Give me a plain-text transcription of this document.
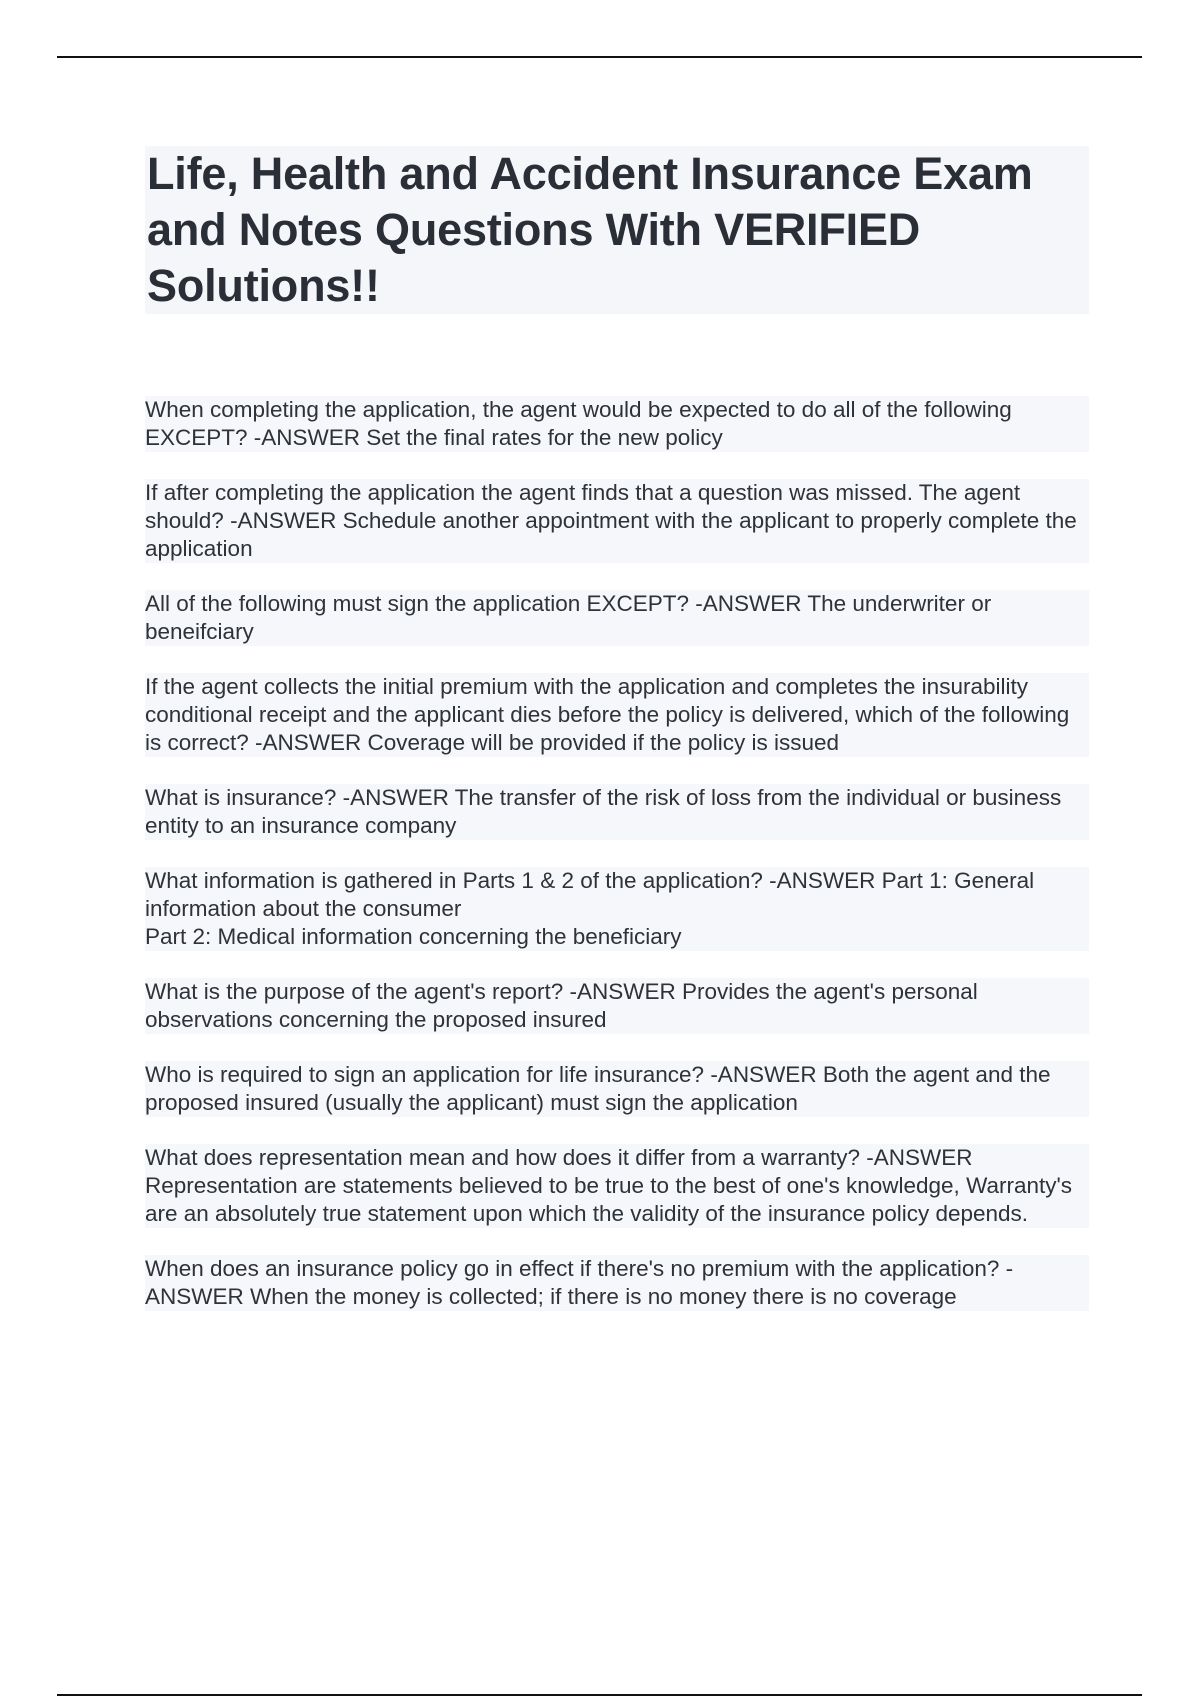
Life, Health and Accident Insurance Exam and Notes Questions With VERIFIED Solutions!!
When completing the application, the agent would be expected to do all of the following EXCEPT? -ANSWER Set the final rates for the new policy
If after completing the application the agent finds that a question was missed. The agent should? -ANSWER Schedule another appointment with the applicant to properly complete the application
All of the following must sign the application EXCEPT? -ANSWER The underwriter or beneifciary
If the agent collects the initial premium with the application and completes the insurability conditional receipt and the applicant dies before the policy is delivered, which of the following is correct? -ANSWER Coverage will be provided if the policy is issued
What is insurance? -ANSWER The transfer of the risk of loss from the individual or business entity to an insurance company
What information is gathered in Parts 1 & 2 of the application? -ANSWER Part 1: General information about the consumer
Part 2: Medical information concerning the beneficiary
What is the purpose of the agent's report? -ANSWER Provides the agent's personal observations concerning the proposed insured
Who is required to sign an application for life insurance? -ANSWER Both the agent and the proposed insured (usually the applicant) must sign the application
What does representation mean and how does it differ from a warranty? -ANSWER Representation are statements believed to be true to the best of one's knowledge, Warranty's are an absolutely true statement upon which the validity of the insurance policy depends.
When does an insurance policy go in effect if there's no premium with the application? -ANSWER When the money is collected; if there is no money there is no coverage
